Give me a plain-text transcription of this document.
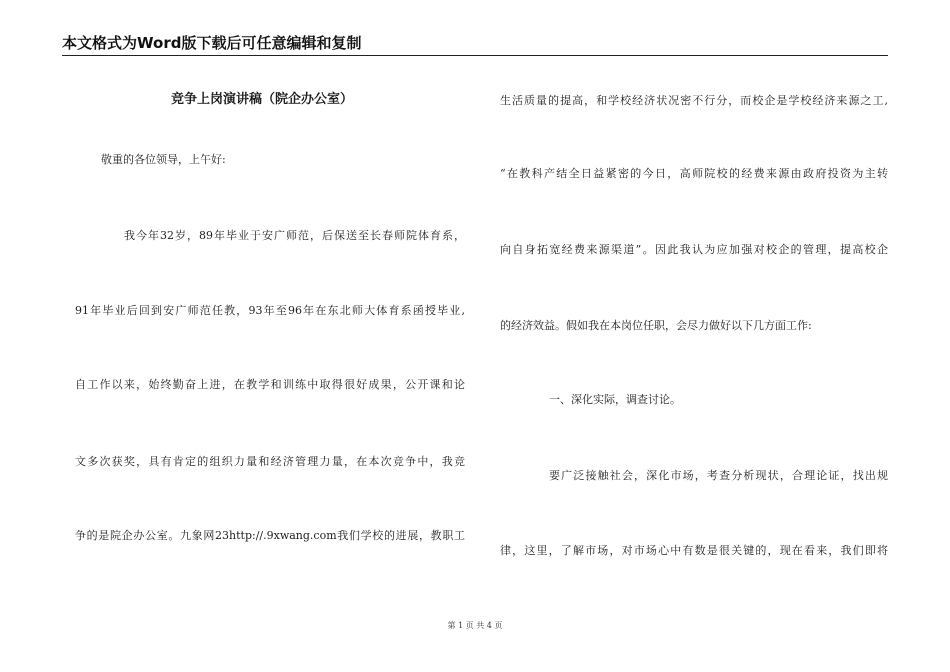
本文格式为Word版下载后可任意编辑和复制
竞争上岗演讲稿（院企办公室）
敬重的各位领导，上午好:
我今年32岁，89年毕业于安广师范，后保送至长春师院体育系，
91年毕业后回到安广师范任教，93年至96年在东北师大体育系函授毕业,
自工作以来，始终勤奋上进，在教学和训练中取得很好成果，公开课和论
文多次获奖，具有肯定的组织力量和经济管理力量，在本次竞争中，我竞
争的是院企办公室。九象网23http://.9xwang.com我们学校的进展，教职工
生活质量的提高，和学校经济状况密不行分，而校企是学校经济来源之工,
“在教科产结全日益紧密的今日，高师院校的经费来源由政府投资为主转
向自身拓宽经费来源渠道”。因此我认为应加强对校企的管理，提高校企
的经济效益。假如我在本岗位任职，会尽力做好以下几方面工作:
一、深化实际，调查讨论。
要广泛接触社会，深化市场，考查分析现状，合理论证，找出规
律，这里，了解市场，对市场心中有数是很关键的，现在看来，我们即将
第 1 页 共 4 页
